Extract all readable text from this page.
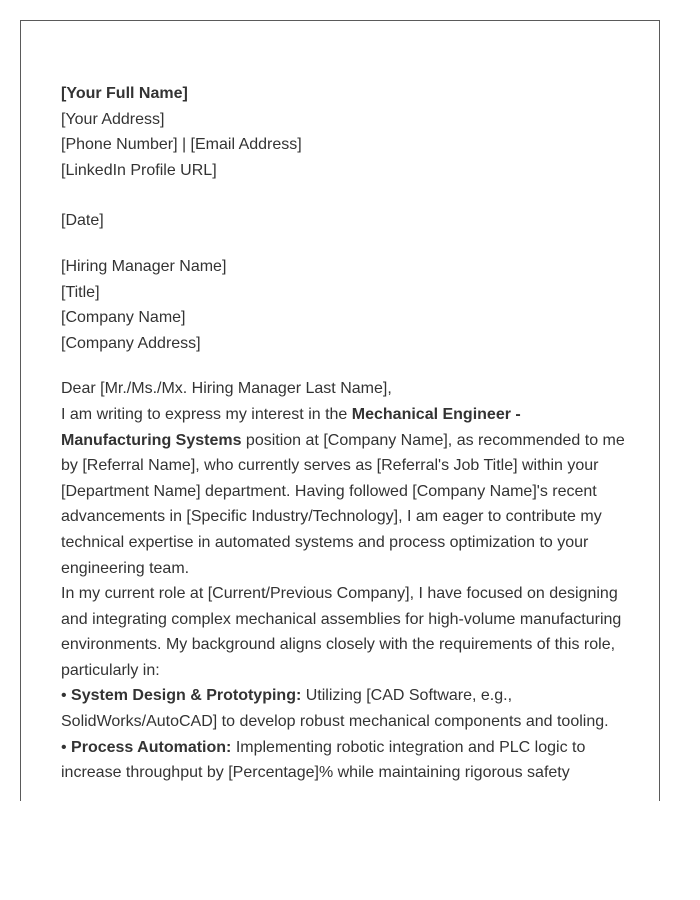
[Your Full Name]
[Your Address]
[Phone Number] | [Email Address]
[LinkedIn Profile URL]
[Date]
[Hiring Manager Name]
[Title]
[Company Name]
[Company Address]
Dear [Mr./Ms./Mx. Hiring Manager Last Name],
I am writing to express my interest in the Mechanical Engineer - Manufacturing Systems position at [Company Name], as recommended to me by [Referral Name], who currently serves as [Referral's Job Title] within your [Department Name] department. Having followed [Company Name]'s recent advancements in [Specific Industry/Technology], I am eager to contribute my technical expertise in automated systems and process optimization to your engineering team.
In my current role at [Current/Previous Company], I have focused on designing and integrating complex mechanical assemblies for high-volume manufacturing environments. My background aligns closely with the requirements of this role, particularly in:
• System Design & Prototyping: Utilizing [CAD Software, e.g., SolidWorks/AutoCAD] to develop robust mechanical components and tooling.
• Process Automation: Implementing robotic integration and PLC logic to increase throughput by [Percentage]% while maintaining rigorous safety
